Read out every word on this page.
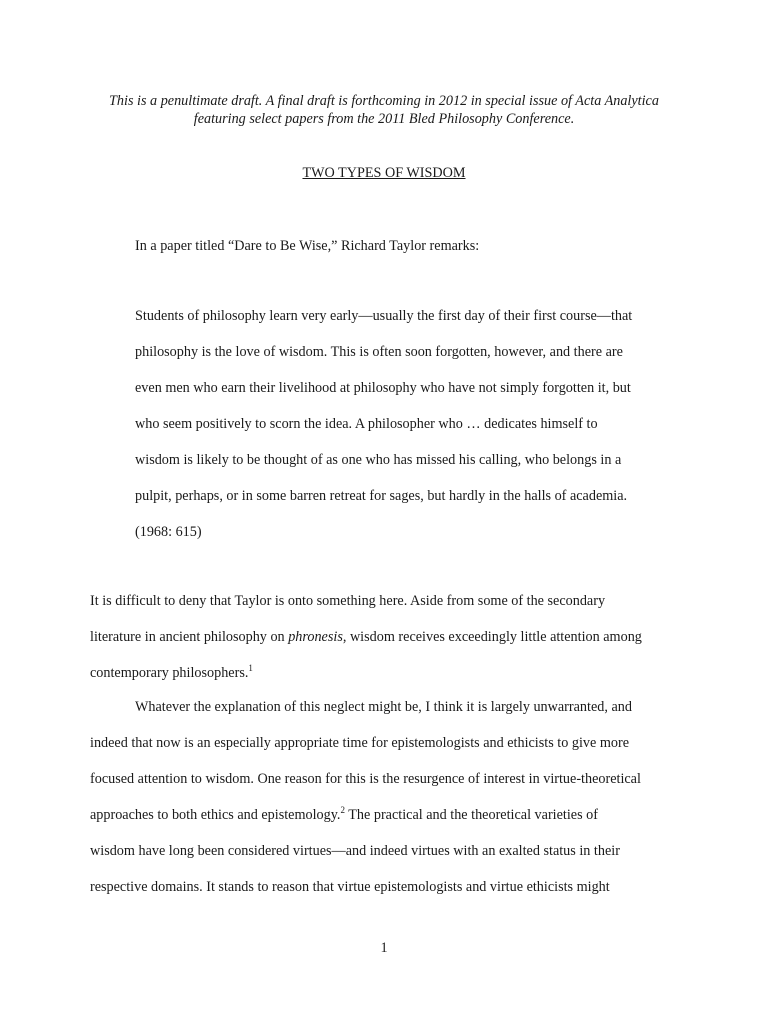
This is a penultimate draft. A final draft is forthcoming in 2012 in special issue of Acta Analytica
featuring select papers from the 2011 Bled Philosophy Conference.
TWO TYPES OF WISDOM
In a paper titled “Dare to Be Wise,” Richard Taylor remarks:
Students of philosophy learn very early—usually the first day of their first course—that
philosophy is the love of wisdom. This is often soon forgotten, however, and there are
even men who earn their livelihood at philosophy who have not simply forgotten it, but
who seem positively to scorn the idea. A philosopher who … dedicates himself to
wisdom is likely to be thought of as one who has missed his calling, who belongs in a
pulpit, perhaps, or in some barren retreat for sages, but hardly in the halls of academia.
(1968: 615)
It is difficult to deny that Taylor is onto something here. Aside from some of the secondary
literature in ancient philosophy on phronesis, wisdom receives exceedingly little attention among
contemporary philosophers.$^1$
Whatever the explanation of this neglect might be, I think it is largely unwarranted, and
indeed that now is an especially appropriate time for epistemologists and ethicists to give more
focused attention to wisdom. One reason for this is the resurgence of interest in virtue-theoretical
approaches to both ethics and epistemology.$^2$ The practical and the theoretical varieties of
wisdom have long been considered virtues—and indeed virtues with an exalted status in their
respective domains. It stands to reason that virtue epistemologists and virtue ethicists might
1
